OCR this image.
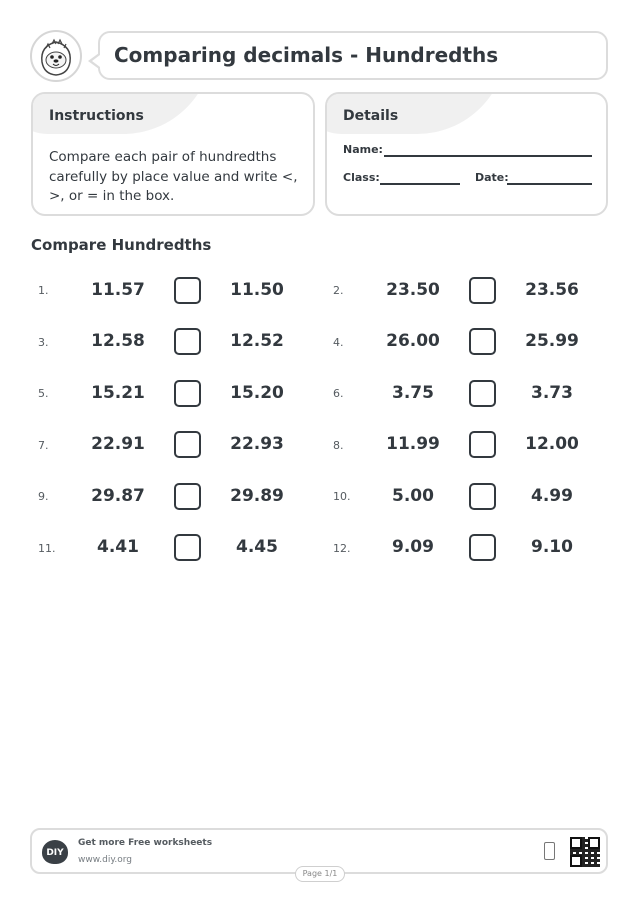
Comparing decimals - Hundredths
Instructions

Compare each pair of hundredths carefully by place value and write <, >, or = in the box.

Details
Name:
Class:	Date:
Compare Hundredths
1.	11.57	11.50	2.	23.50	23.56
3.	12.58	12.52	4.	26.00	25.99
5.	15.21	15.20	6.	3.75	3.73
7.	22.91	22.93	8.	11.99	12.00
9.	29.87	29.89	10.	5.00	4.99
11.	4.41	4.45	12.	9.09	9.10
DIY
Get more Free worksheets
www.diy.org
Page 1/1
